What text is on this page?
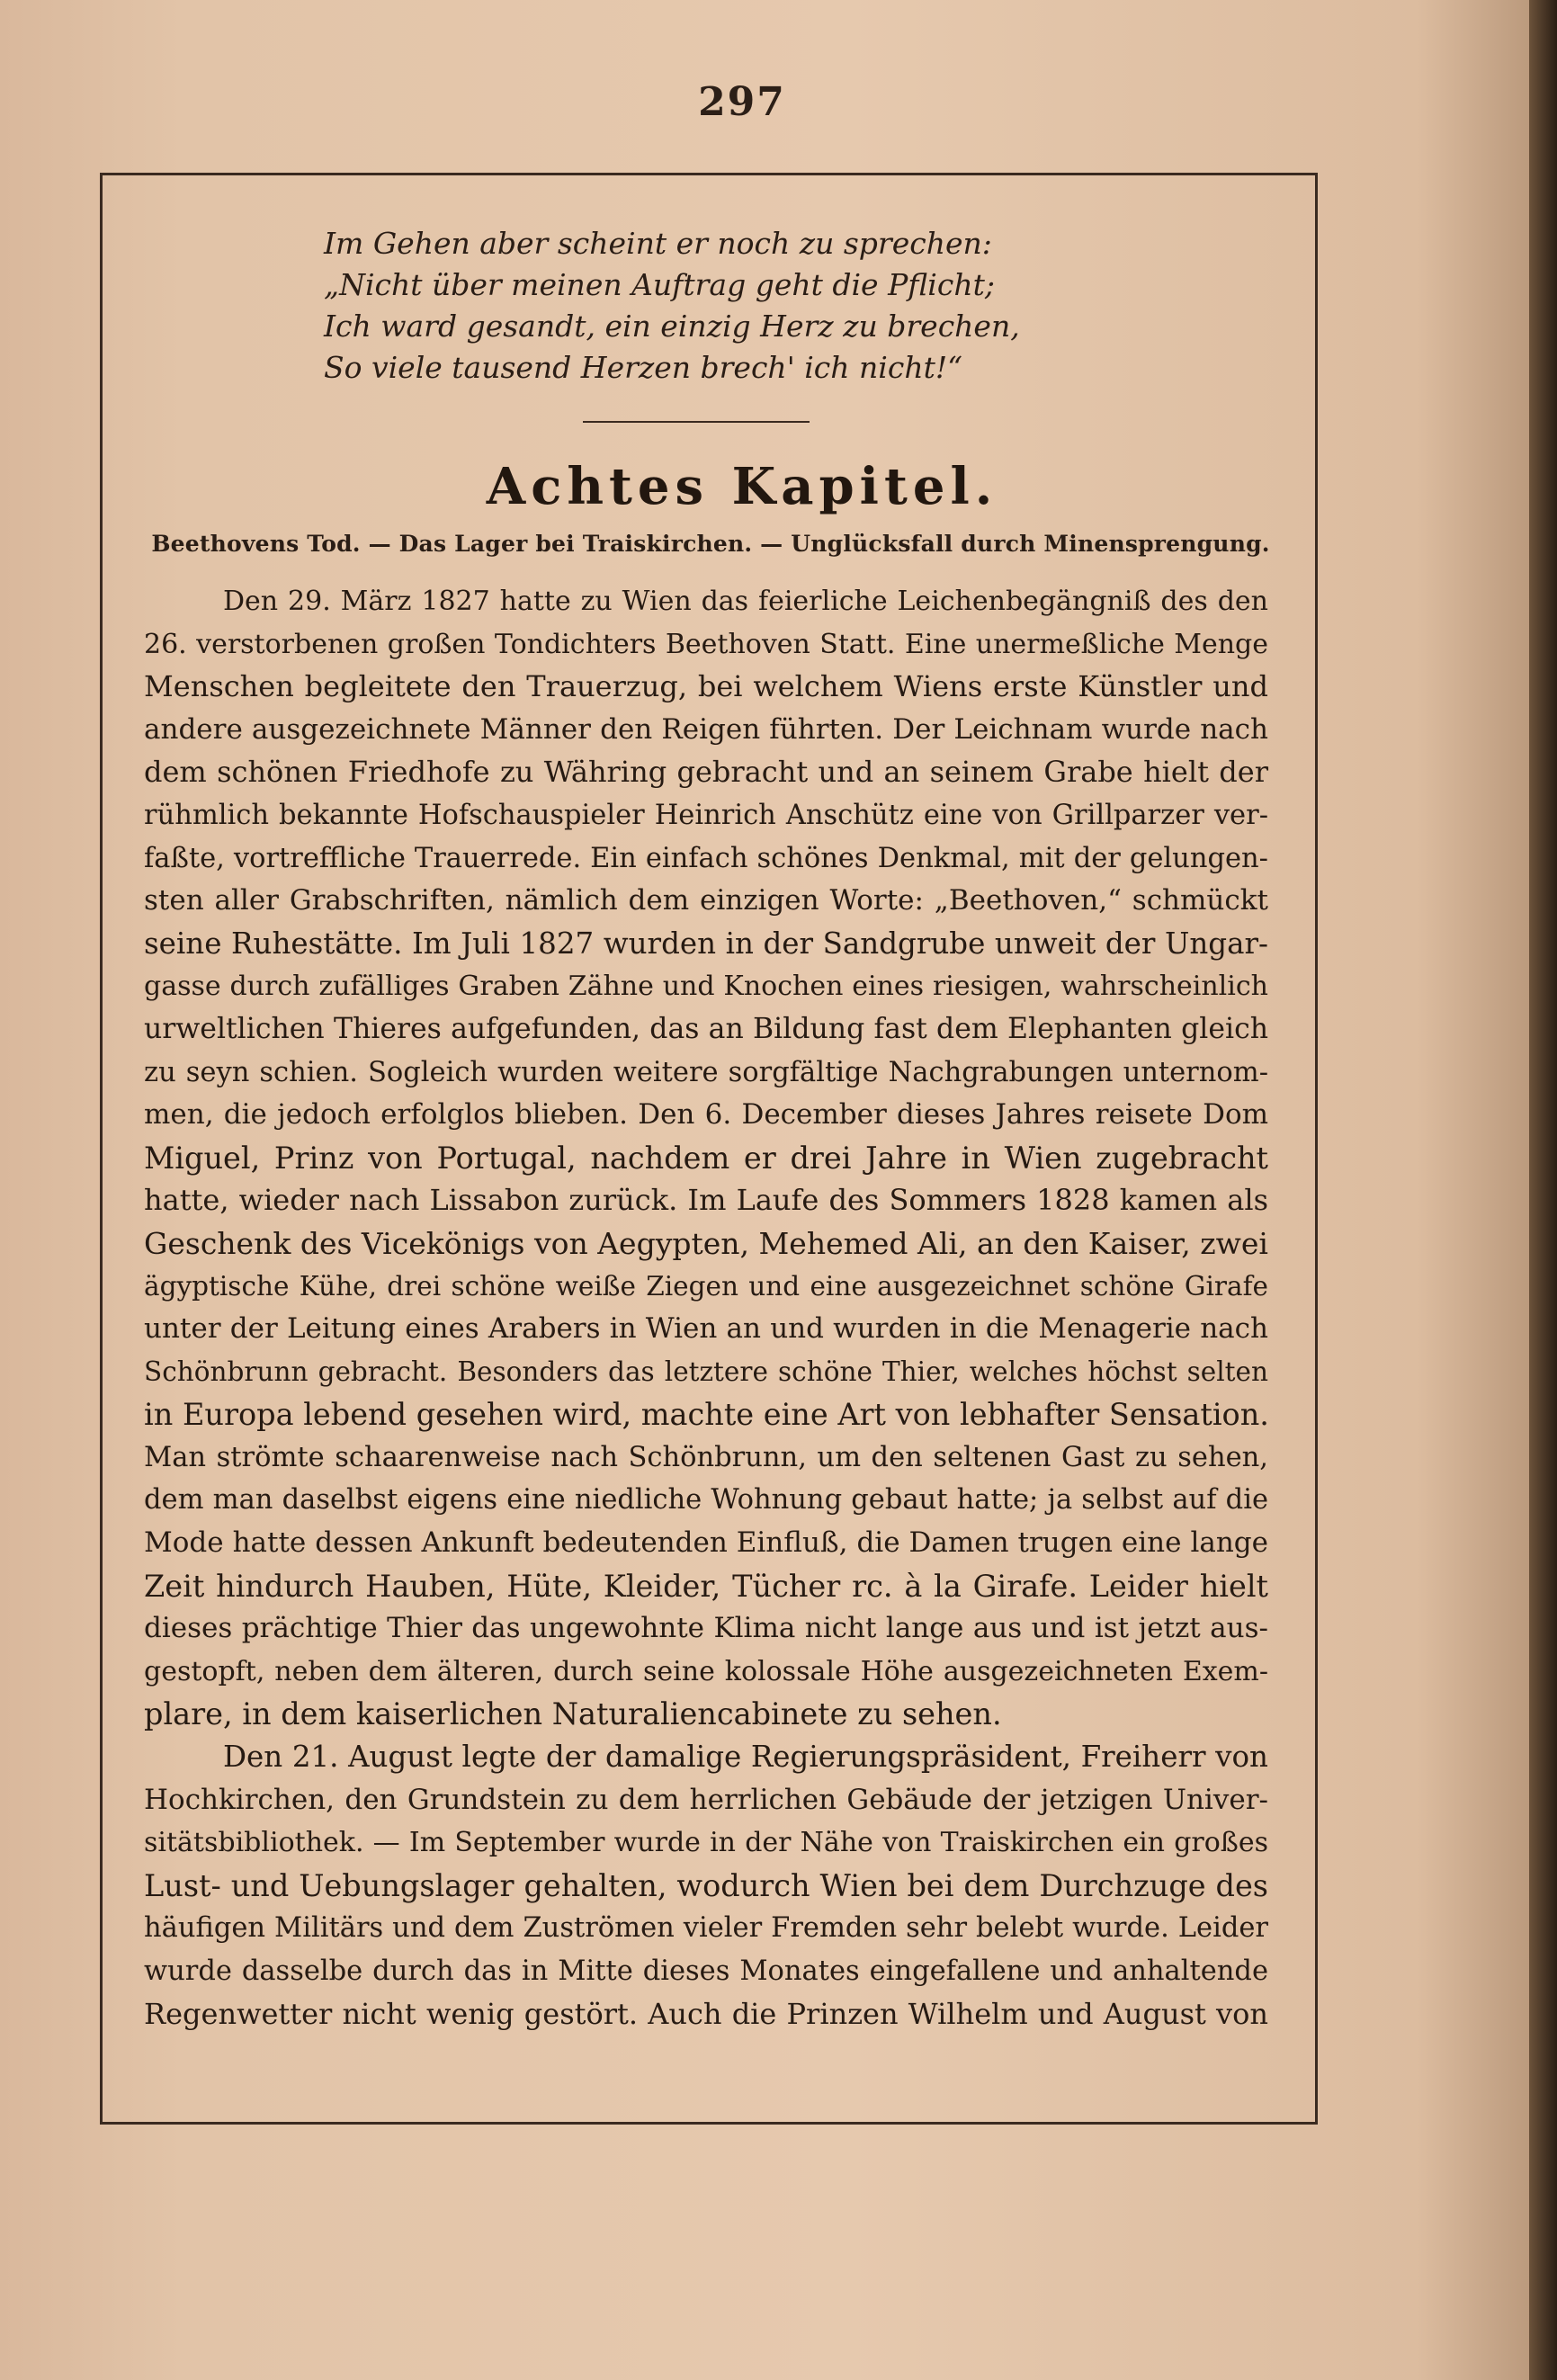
297
Im Gehen aber scheint er noch zu sprechen:
„Nicht über meinen Auftrag geht die Pflicht;
Ich ward gesandt, ein einzig Herz zu brechen,
So viele tausend Herzen brech' ich nicht!“
Achtes Kapitel.
Beethovens Tod. — Das Lager bei Traiskirchen. — Unglücksfall durch Minensprengung.
Den 29. März 1827 hatte zu Wien das feierliche Leichenbegängniß des den
26. verstorbenen großen Tondichters Beethoven Statt. Eine unermeßliche Menge
Menschen begleitete den Trauerzug, bei welchem Wiens erste Künstler und
andere ausgezeichnete Männer den Reigen führten. Der Leichnam wurde nach
dem schönen Friedhofe zu Währing gebracht und an seinem Grabe hielt der
rühmlich bekannte Hofschauspieler Heinrich Anschütz eine von Grillparzer ver-
faßte, vortreffliche Trauerrede. Ein einfach schönes Denkmal, mit der gelungen-
sten aller Grabschriften, nämlich dem einzigen Worte: „Beethoven,“ schmückt
seine Ruhestätte. Im Juli 1827 wurden in der Sandgrube unweit der Ungar-
gasse durch zufälliges Graben Zähne und Knochen eines riesigen, wahrscheinlich
urweltlichen Thieres aufgefunden, das an Bildung fast dem Elephanten gleich
zu seyn schien. Sogleich wurden weitere sorgfältige Nachgrabungen unternom-
men, die jedoch erfolglos blieben. Den 6. December dieses Jahres reisete Dom
Miguel, Prinz von Portugal, nachdem er drei Jahre in Wien zugebracht
hatte, wieder nach Lissabon zurück. Im Laufe des Sommers 1828 kamen als
Geschenk des Vicekönigs von Aegypten, Mehemed Ali, an den Kaiser, zwei
ägyptische Kühe, drei schöne weiße Ziegen und eine ausgezeichnet schöne Girafe
unter der Leitung eines Arabers in Wien an und wurden in die Menagerie nach
Schönbrunn gebracht. Besonders das letztere schöne Thier, welches höchst selten
in Europa lebend gesehen wird, machte eine Art von lebhafter Sensation.
Man strömte schaarenweise nach Schönbrunn, um den seltenen Gast zu sehen,
dem man daselbst eigens eine niedliche Wohnung gebaut hatte; ja selbst auf die
Mode hatte dessen Ankunft bedeutenden Einfluß, die Damen trugen eine lange
Zeit hindurch Hauben, Hüte, Kleider, Tücher rc. à la Girafe. Leider hielt
dieses prächtige Thier das ungewohnte Klima nicht lange aus und ist jetzt aus-
gestopft, neben dem älteren, durch seine kolossale Höhe ausgezeichneten Exem-
plare, in dem kaiserlichen Naturaliencabinete zu sehen.
Den 21. August legte der damalige Regierungspräsident, Freiherr von
Hochkirchen, den Grundstein zu dem herrlichen Gebäude der jetzigen Univer-
sitätsbibliothek. — Im September wurde in der Nähe von Traiskirchen ein großes
Lust- und Uebungslager gehalten, wodurch Wien bei dem Durchzuge des
häufigen Militärs und dem Zuströmen vieler Fremden sehr belebt wurde. Leider
wurde dasselbe durch das in Mitte dieses Monates eingefallene und anhaltende
Regenwetter nicht wenig gestört. Auch die Prinzen Wilhelm und August von
